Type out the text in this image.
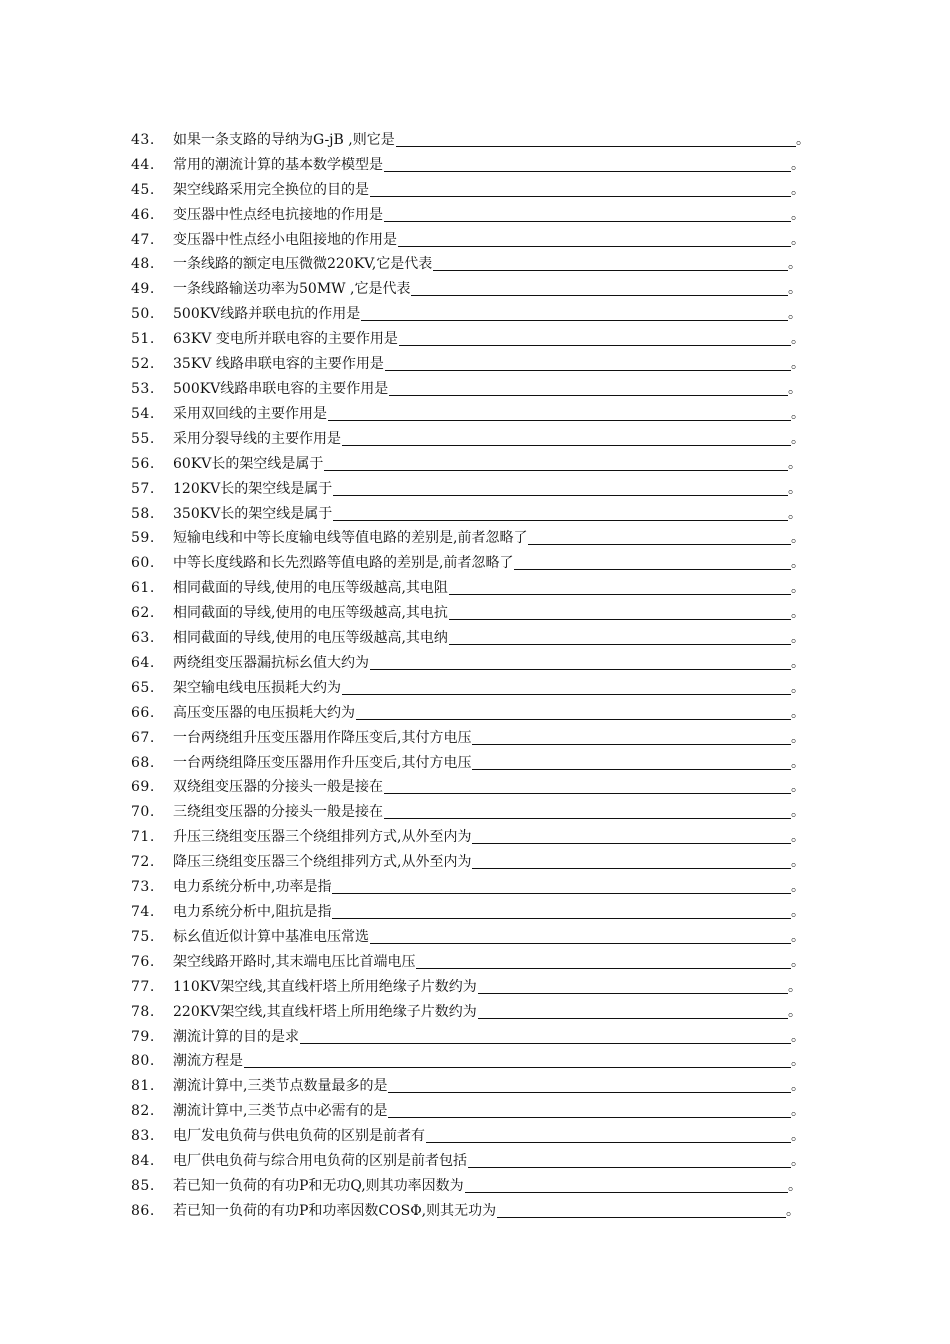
43.	如果一条支路的导纳为G-jB ,则它是	。
44.	常用的潮流计算的基本数学模型是	。
45.	架空线路采用完全换位的目的是	。
46.	变压器中性点经电抗接地的作用是	。
47.	变压器中性点经小电阻接地的作用是	。
48.	一条线路的额定电压微微220KV,它是代表	。
49.	一条线路输送功率为50MW ,它是代表	。
50.	500KV线路并联电抗的作用是	。
51.	63KV 变电所并联电容的主要作用是	。
52.	35KV 线路串联电容的主要作用是	。
53.	500KV线路串联电容的主要作用是	。
54.	采用双回线的主要作用是	。
55.	采用分裂导线的主要作用是	。
56.	60KV长的架空线是属于	。
57.	120KV长的架空线是属于	。
58.	350KV长的架空线是属于	。
59.	短输电线和中等长度输电线等值电路的差别是,前者忽略了	。
60.	中等长度线路和长先烈路等值电路的差别是,前者忽略了	。
61.	相同截面的导线,使用的电压等级越高,其电阻	。
62.	相同截面的导线,使用的电压等级越高,其电抗	。
63.	相同截面的导线,使用的电压等级越高,其电纳	。
64.	两绕组变压器漏抗标幺值大约为	。
65.	架空输电线电压损耗大约为	。
66.	高压变压器的电压损耗大约为	。
67.	一台两绕组升压变压器用作降压变后,其付方电压	。
68.	一台两绕组降压变压器用作升压变后,其付方电压	。
69.	双绕组变压器的分接头一般是接在	。
70.	三绕组变压器的分接头一般是接在	。
71.	升压三绕组变压器三个绕组排列方式,从外至内为	。
72.	降压三绕组变压器三个绕组排列方式,从外至内为	。
73.	电力系统分析中,功率是指	。
74.	电力系统分析中,阻抗是指	。
75.	标幺值近似计算中基准电压常选	。
76.	架空线路开路时,其末端电压比首端电压	。
77.	110KV架空线,其直线杆塔上所用绝缘子片数约为	。
78.	220KV架空线,其直线杆塔上所用绝缘子片数约为	。
79.	潮流计算的目的是求	。
80.	潮流方程是	。
81.	潮流计算中,三类节点数量最多的是	。
82.	潮流计算中,三类节点中必需有的是	。
83.	电厂发电负荷与供电负荷的区别是前者有	。
84.	电厂供电负荷与综合用电负荷的区别是前者包括	。
85.	若已知一负荷的有功P和无功Q,则其功率因数为	。
86.	若已知一负荷的有功P和功率因数COSΦ,则其无功为	。
